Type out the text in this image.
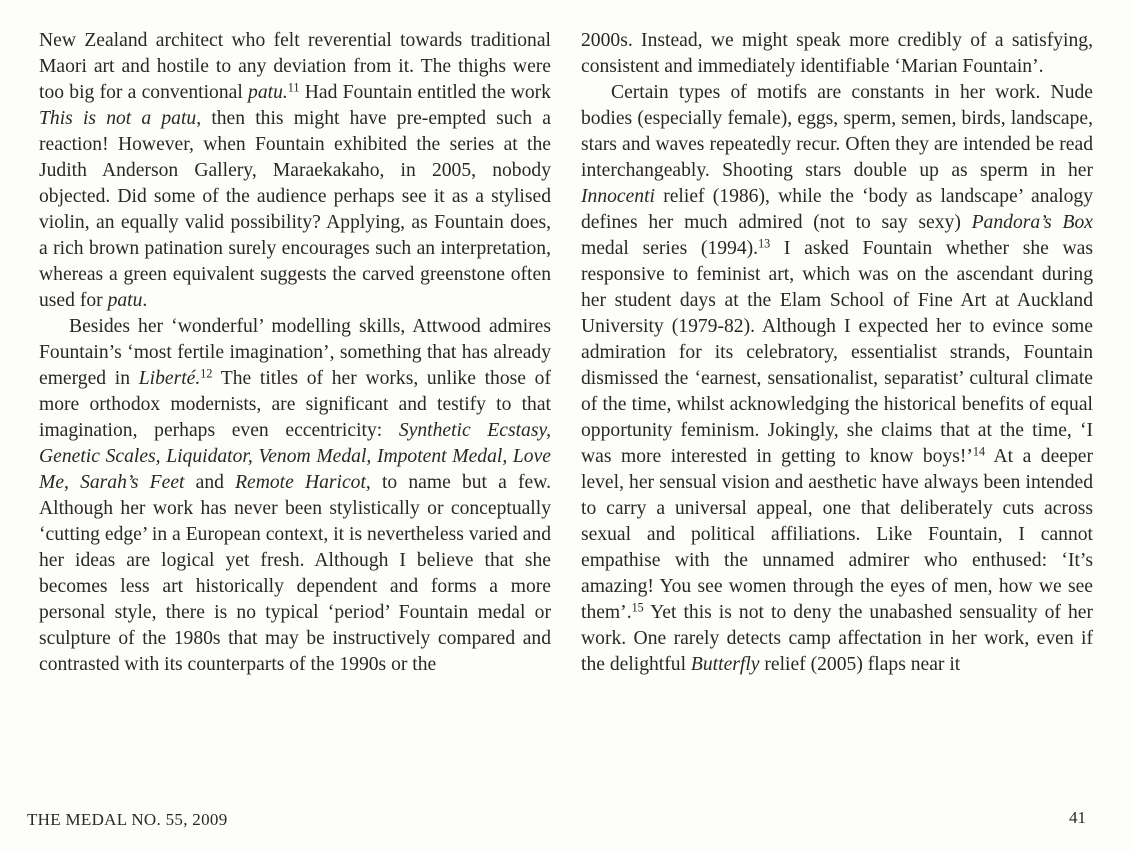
New Zealand architect who felt reverential towards traditional Maori art and hostile to any deviation from it. The thighs were too big for a conventional patu.$^{11}$ Had Fountain entitled the work This is not a patu, then this might have pre-empted such a reaction! However, when Fountain exhibited the series at the Judith Anderson Gallery, Maraekakaho, in 2005, nobody objected. Did some of the audience perhaps see it as a stylised violin, an equally valid possibility? Applying, as Fountain does, a rich brown patination surely encourages such an interpretation, whereas a green equivalent suggests the carved greenstone often used for patu.

Besides her ‘wonderful’ modelling skills, Attwood admires Fountain’s ‘most fertile imagination’, something that has already emerged in Liberté.$^{12}$ The titles of her works, unlike those of more orthodox modernists, are significant and testify to that imagination, perhaps even eccentricity: Synthetic Ecstasy, Genetic Scales, Liquidator, Venom Medal, Impotent Medal, Love Me, Sarah’s Feet and Remote Haricot, to name but a few. Although her work has never been stylistically or conceptually ‘cutting edge’ in a European context, it is nevertheless varied and her ideas are logical yet fresh. Although I believe that she becomes less art historically dependent and forms a more personal style, there is no typical ‘period’ Fountain medal or sculpture of the 1980s that may be instructively compared and contrasted with its counterparts of the 1990s or the

2000s. Instead, we might speak more credibly of a satisfying, consistent and immediately identifiable ‘Marian Fountain’.

Certain types of motifs are constants in her work. Nude bodies (especially female), eggs, sperm, semen, birds, landscape, stars and waves repeatedly recur. Often they are intended be read interchangeably. Shooting stars double up as sperm in her Innocenti relief (1986), while the ‘body as landscape’ analogy defines her much admired (not to say sexy) Pandora’s Box medal series (1994).$^{13}$ I asked Fountain whether she was responsive to feminist art, which was on the ascendant during her student days at the Elam School of Fine Art at Auckland University (1979-82). Although I expected her to evince some admiration for its celebratory, essentialist strands, Fountain dismissed the ‘earnest, sensationalist, separatist’ cultural climate of the time, whilst acknowledging the historical benefits of equal opportunity feminism. Jokingly, she claims that at the time, ‘I was more interested in getting to know boys!’$^{14}$ At a deeper level, her sensual vision and aesthetic have always been intended to carry a universal appeal, one that deliberately cuts across sexual and political affiliations. Like Fountain, I cannot empathise with the unnamed admirer who enthused: ‘It’s amazing! You see women through the eyes of men, how we see them’.$^{15}$ Yet this is not to deny the unabashed sensuality of her work. One rarely detects camp affectation in her work, even if the delightful Butterfly relief (2005) flaps near it

THE MEDAL NO. 55, 2009	41
